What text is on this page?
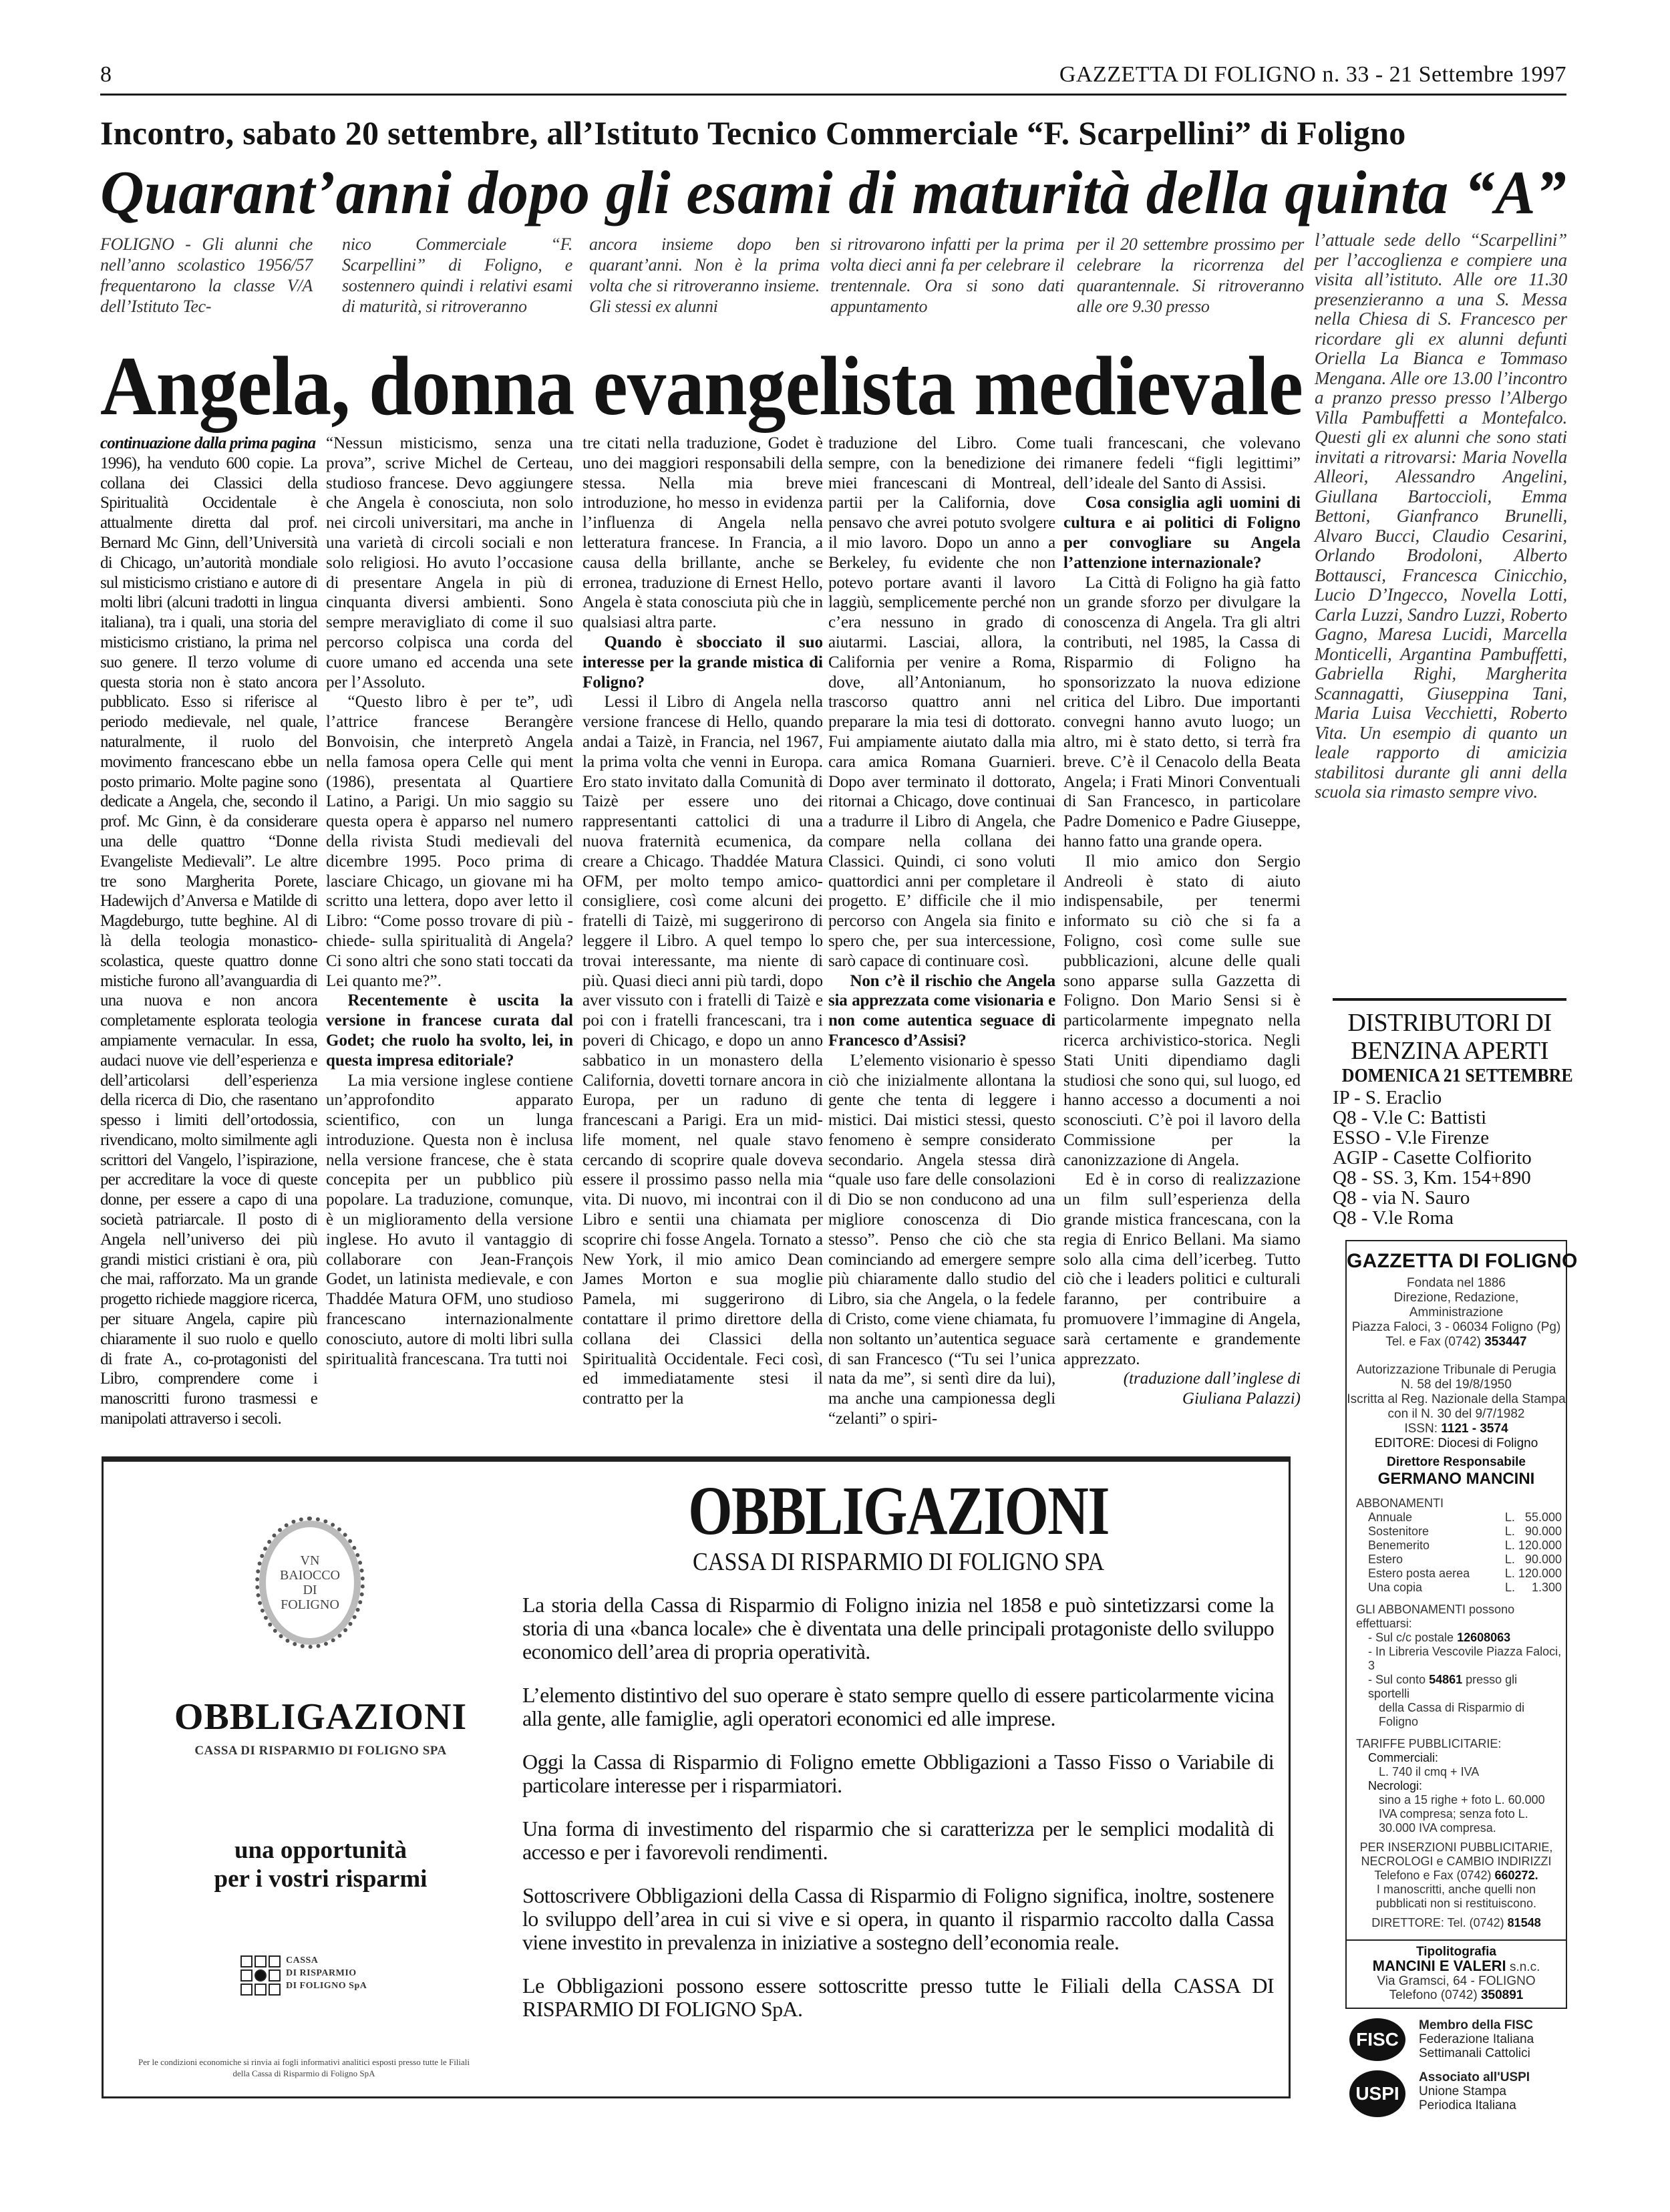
8	GAZZETTA DI FOLIGNO n. 33 - 21 Settembre 1997
Incontro, sabato 20 settembre, all’Istituto Tecnico Commerciale “F. Scarpellini” di Foligno
Quarant’anni dopo gli esami di maturità della quinta “A”
FOLIGNO - Gli alunni che nell’anno scolastico 1956/57 frequentarono la classe V/A dell’Istituto Tec-
nico Commerciale “F. Scarpellini” di Foligno, e sostennero quindi i relativi esami di maturità, si ritroveranno
ancora insieme dopo ben quarant’anni. Non è la prima volta che si ritroveranno insieme. Gli stessi ex alunni
si ritrovarono infatti per la prima volta dieci anni fa per celebrare il trentennale. Ora si sono dati appuntamento
per il 20 settembre prossimo per celebrare la ricorrenza del quarantennale. Si ritroveranno alle ore 9.30 presso
l’attuale sede dello “Scarpellini” per l’accoglienza e compiere una visita all’istituto. Alle ore 11.30 presenzieranno a una S. Messa nella Chiesa di S. Francesco per ricordare gli ex alunni defunti Oriella La Bianca e Tommaso Mengana. Alle ore 13.00 l’incontro a pranzo presso presso l’Albergo Villa Pambuffetti a Montefalco. Questi gli ex alunni che sono stati invitati a ritrovarsi: Maria Novella Alleori, Alessandro Angelini, Giullana Bartoccioli, Emma Bettoni, Gianfranco Brunelli, Alvaro Bucci, Claudio Cesarini, Orlando Brodoloni, Alberto Bottausci, Francesca Cinicchio, Lucio D’Ingecco, Novella Lotti, Carla Luzzi, Sandro Luzzi, Roberto Gagno, Maresa Lucidi, Marcella Monticelli, Argantina Pambuffetti, Gabriella Righi, Margherita Scannagatti, Giuseppina Tani, Maria Luisa Vecchietti, Roberto Vita. Un esempio di quanto un leale rapporto di amicizia stabilitosi durante gli anni della scuola sia rimasto sempre vivo.
Angela, donna evangelista medievale

continuazione dalla prima pagina

1996), ha venduto 600 copie. La collana dei Classici della Spiritualità Occidentale è attualmente diretta dal prof. Bernard Mc Ginn, dell’Università di Chicago, un’autorità mondiale sul misticismo cristiano e autore di molti libri (alcuni tradotti in lingua italiana), tra i quali, una storia del misticismo cristiano, la prima nel suo genere. Il terzo volume di questa storia non è stato ancora pubblicato. Esso si riferisce al periodo medievale, nel quale, naturalmente, il ruolo del movimento francescano ebbe un posto primario. Molte pagine sono dedicate a Angela, che, secondo il prof. Mc Ginn, è da considerare una delle quattro “Donne Evangeliste Medievali”. Le altre tre sono Margherita Porete, Hadewijch d’Anversa e Matilde di Magdeburgo, tutte beghine. Al di là della teologia monastico-scolastica, queste quattro donne mistiche furono all’avanguardia di una nuova e non ancora completamente esplorata teologia ampiamente vernacular. In essa, audaci nuove vie dell’esperienza e dell’articolarsi dell’esperienza della ricerca di Dio, che rasentano spesso i limiti dell’ortodossia, rivendicano, molto similmente agli scrittori del Vangelo, l’ispirazione, per accreditare la voce di queste donne, per essere a capo di una società patriarcale. Il posto di Angela nell’universo dei più grandi mistici cristiani è ora, più che mai, rafforzato. Ma un grande progetto richiede maggiore ricerca, per situare Angela, capire più chiaramente il suo ruolo e quello di frate A., co-protagonisti del Libro, comprendere come i manoscritti furono trasmessi e manipolati attraverso i secoli.

“Nessun misticismo, senza una prova”, scrive Michel de Certeau, studioso francese. Devo aggiungere che Angela è conosciuta, non solo nei circoli universitari, ma anche in una varietà di circoli sociali e non solo religiosi. Ho avuto l’occasione di presentare Angela in più di cinquanta diversi ambienti. Sono sempre meravigliato di come il suo percorso colpisca una corda del cuore umano ed accenda una sete per l’Assoluto.

“Questo libro è per te”, udì l’attrice francese Berangère Bonvoisin, che interpretò Angela nella famosa opera Celle qui ment (1986), presentata al Quartiere Latino, a Parigi. Un mio saggio su questa opera è apparso nel numero della rivista Studi medievali del dicembre 1995. Poco prima di lasciare Chicago, un giovane mi ha scritto una lettera, dopo aver letto il Libro: “Come posso trovare di più -chiede- sulla spiritualità di Angela? Ci sono altri che sono stati toccati da Lei quanto me?”.

Recentemente è uscita la versione in francese curata dal Godet; che ruolo ha svolto, lei, in questa impresa editoriale?

La mia versione inglese contiene un’approfondito apparato scientifico, con un lunga introduzione. Questa non è inclusa nella versione francese, che è stata concepita per un pubblico più popolare. La traduzione, comunque, è un miglioramento della versione inglese. Ho avuto il vantaggio di collaborare con Jean-François Godet, un latinista medievale, e con Thaddée Matura OFM, uno studioso francescano internazionalmente conosciuto, autore di molti libri sulla spiritualità francescana. Tra tutti noi

tre citati nella traduzione, Godet è uno dei maggiori responsabili della stessa. Nella mia breve introduzione, ho messo in evidenza l’influenza di Angela nella letteratura francese. In Francia, a causa della brillante, anche se erronea, traduzione di Ernest Hello, Angela è stata conosciuta più che in qualsiasi altra parte.

Quando è sbocciato il suo interesse per la grande mistica di Foligno?

Lessi il Libro di Angela nella versione francese di Hello, quando andai a Taizè, in Francia, nel 1967, la prima volta che venni in Europa. Ero stato invitato dalla Comunità di Taizè per essere uno dei rappresentanti cattolici di una nuova fraternità ecumenica, da creare a Chicago. Thaddée Matura OFM, per molto tempo amico-consigliere, così come alcuni dei fratelli di Taizè, mi suggerirono di leggere il Libro. A quel tempo lo trovai interessante, ma niente di più. Quasi dieci anni più tardi, dopo aver vissuto con i fratelli di Taizè e poi con i fratelli francescani, tra i poveri di Chicago, e dopo un anno sabbatico in un monastero della California, dovetti tornare ancora in Europa, per un raduno di francescani a Parigi. Era un mid-life moment, nel quale stavo cercando di scoprire quale doveva essere il prossimo passo nella mia vita. Di nuovo, mi incontrai con il Libro e sentii una chiamata per scoprire chi fosse Angela. Tornato a New York, il mio amico Dean James Morton e sua moglie Pamela, mi suggerirono di contattare il primo direttore della collana dei Classici della Spiritualità Occidentale. Feci così, ed immediatamente stesi il contratto per la

traduzione del Libro. Come sempre, con la benedizione dei miei francescani di Montreal, partii per la California, dove pensavo che avrei potuto svolgere il mio lavoro. Dopo un anno a Berkeley, fu evidente che non potevo portare avanti il lavoro laggiù, semplicemente perché non c’era nessuno in grado di aiutarmi. Lasciai, allora, la California per venire a Roma, dove, all’Antonianum, ho trascorso quattro anni nel preparare la mia tesi di dottorato. Fui ampiamente aiutato dalla mia cara amica Romana Guarnieri. Dopo aver terminato il dottorato, ritornai a Chicago, dove continuai a tradurre il Libro di Angela, che compare nella collana dei Classici. Quindi, ci sono voluti quattordici anni per completare il progetto. E’ difficile che il mio percorso con Angela sia finito e spero che, per sua intercessione, sarò capace di continuare così.

Non c’è il rischio che Angela sia apprezzata come visionaria e non come autentica seguace di Francesco d’Assisi?

L’elemento visionario è spesso ciò che inizialmente allontana la gente che tenta di leggere i mistici. Dai mistici stessi, questo fenomeno è sempre considerato secondario. Angela stessa dirà “quale uso fare delle consolazioni di Dio se non conducono ad una migliore conoscenza di Dio stesso”. Penso che ciò che sta cominciando ad emergere sempre più chiaramente dallo studio del Libro, sia che Angela, o la fedele di Cristo, come viene chiamata, fu non soltanto un’autentica seguace di san Francesco (“Tu sei l’unica nata da me”, si sentì dire da lui), ma anche una campionessa degli “zelanti” o spiri-

tuali francescani, che volevano rimanere fedeli “figli legittimi” dell’ideale del Santo di Assisi.

Cosa consiglia agli uomini di cultura e ai politici di Foligno per convogliare su Angela l’attenzione internazionale?

La Città di Foligno ha già fatto un grande sforzo per divulgare la conoscenza di Angela. Tra gli altri contributi, nel 1985, la Cassa di Risparmio di Foligno ha sponsorizzato la nuova edizione critica del Libro. Due importanti convegni hanno avuto luogo; un altro, mi è stato detto, si terrà fra breve. C’è il Cenacolo della Beata Angela; i Frati Minori Conventuali di San Francesco, in particolare Padre Domenico e Padre Giuseppe, hanno fatto una grande opera.

Il mio amico don Sergio Andreoli è stato di aiuto indispensabile, per tenermi informato su ciò che si fa a Foligno, così come sulle sue pubblicazioni, alcune delle quali sono apparse sulla Gazzetta di Foligno. Don Mario Sensi si è particolarmente impegnato nella ricerca archivistico-storica. Negli Stati Uniti dipendiamo dagli studiosi che sono qui, sul luogo, ed hanno accesso a documenti a noi sconosciuti. C’è poi il lavoro della Commissione per la canonizzazione di Angela.

Ed è in corso di realizzazione un film sull’esperienza della grande mistica francescana, con la regia di Enrico Bellani. Ma siamo solo alla cima dell’icerbeg. Tutto ciò che i leaders politici e culturali faranno, per contribuire a promuovere l’immagine di Angela, sarà certamente e grandemente apprezzato.

(traduzione dall’inglese di Giuliana Palazzi)

DISTRIBUTORI DI BENZINA APERTI
DOMENICA 21 SETTEMBRE
IP - S. Eraclio
Q8 - V.le C: Battisti
ESSO - V.le Firenze
AGIP - Casette Colfiorito
Q8 - SS. 3, Km. 154+890
Q8 - via N. Sauro
Q8 - V.le Roma
GAZZETTA DI FOLIGNO
Fondata nel 1886
Direzione, Redazione, Amministrazione
Piazza Faloci, 3 - 06034 Foligno (Pg)
Tel. e Fax (0742) 353447
Autorizzazione Tribunale di Perugia
N. 58 del 19/8/1950
Iscritta al Reg. Nazionale della Stampa
con il N. 30 del 9/7/1982
ISSN: 1121 - 3574
EDITORE: Diocesi di Foligno
Direttore Responsabile
GERMANO MANCINI
ABBONAMENTI
Annuale	L.   55.000
Sostenitore	L.   90.000
Benemerito	L. 120.000
Estero	L.   90.000
Estero posta aerea	L. 120.000
Una copia	L.     1.300
GLI ABBONAMENTI possono effettuarsi:
- Sul c/c postale 12608063
- In Libreria Vescovile Piazza Faloci, 3
- Sul conto 54861 presso gli sportelli
della Cassa di Risparmio di Foligno
TARIFFE PUBBLICITARIE:
Commerciali:
L. 740 il cmq + IVA
Necrologi:
sino a 15 righe + foto L. 60.000 IVA compresa; senza foto L. 30.000 IVA compresa.
PER INSERZIONI PUBBLICITARIE,
NECROLOGI e CAMBIO INDIRIZZI
Telefono e Fax (0742) 660272.
I manoscritti, anche quelli non pubblicati non si restituiscono.
DIRETTORE: Tel. (0742) 81548
Tipolitografia
MANCINI E VALERI s.n.c.
Via Gramsci, 64 - FOLIGNO
Telefono (0742) 350891
FISC
Membro della FISC
Federazione Italiana
Settimanali Cattolici
USPI
Associato all'USPI
Unione Stampa
Periodica Italiana
VN
BAIOCCO
DI
FOLIGNO
OBBLIGAZIONI
CASSA DI RISPARMIO DI FOLIGNO SPA
una opportunità
per i vostri risparmi
CASSA
DI RISPARMIO
DI FOLIGNO SpA
Per le condizioni economiche si rinvia ai fogli informativi analitici esposti presso tutte le Filiali della Cassa di Risparmio di Foligno SpA
OBBLIGAZIONI
CASSA DI RISPARMIO DI FOLIGNO SPA

La storia della Cassa di Risparmio di Foligno inizia nel 1858 e può sintetizzarsi come la storia di una «banca locale» che è diventata una delle principali protagoniste dello sviluppo economico dell’area di propria operatività.

L’elemento distintivo del suo operare è stato sempre quello di essere particolarmente vicina alla gente, alle famiglie, agli operatori economici ed alle imprese.

Oggi la Cassa di Risparmio di Foligno emette Obbligazioni a Tasso Fisso o Variabile di particolare interesse per i risparmiatori.

Una forma di investimento del risparmio che si caratterizza per le semplici modalità di accesso e per i favorevoli rendimenti.

Sottoscrivere Obbligazioni della Cassa di Risparmio di Foligno significa, inoltre, sostenere lo sviluppo dell’area in cui si vive e si opera, in quanto il risparmio raccolto dalla Cassa viene investito in prevalenza in iniziative a sostegno dell’economia reale.

Le Obbligazioni possono essere sottoscritte presso tutte le Filiali della CASSA DI RISPARMIO DI FOLIGNO SpA.
